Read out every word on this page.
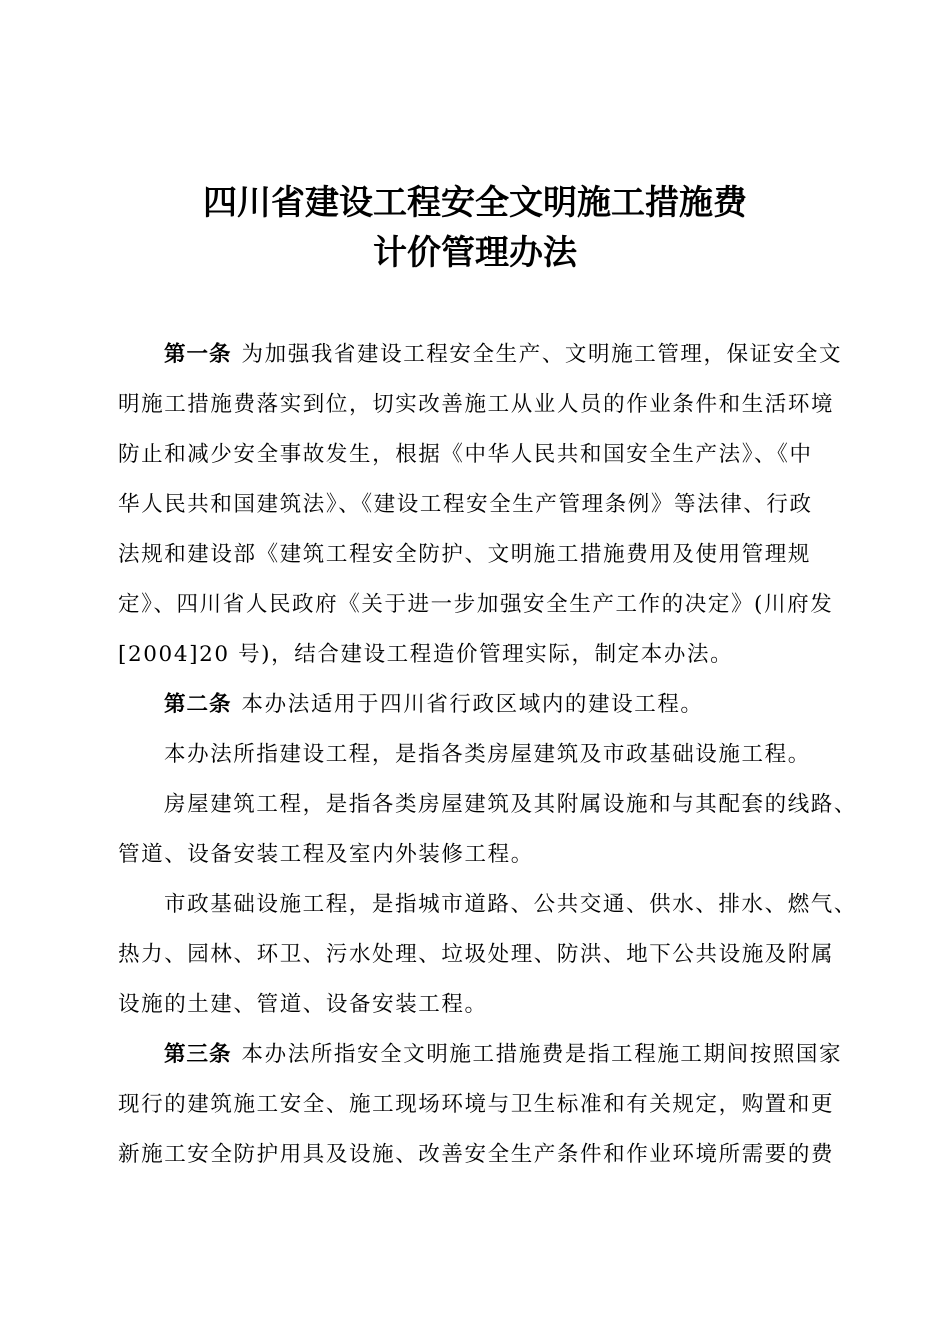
四川省建设工程安全文明施工措施费
计价管理办法
第一条 为加强我省建设工程安全生产、文明施工管理，保证安全文
明施工措施费落实到位，切实改善施工从业人员的作业条件和生活环境
防止和减少安全事故发生，根据《中华人民共和国安全生产法》、《中
华人民共和国建筑法》、《建设工程安全生产管理条例》等法律、行政
法规和建设部《建筑工程安全防护、文明施工措施费用及使用管理规
定》、四川省人民政府《关于进一步加强安全生产工作的决定》(川府发
[2004]20 号)，结合建设工程造价管理实际，制定本办法。
第二条 本办法适用于四川省行政区域内的建设工程。
本办法所指建设工程，是指各类房屋建筑及市政基础设施工程。
房屋建筑工程，是指各类房屋建筑及其附属设施和与其配套的线路、
管道、设备安装工程及室内外装修工程。
市政基础设施工程，是指城市道路、公共交通、供水、排水、燃气、
热力、园林、环卫、污水处理、垃圾处理、防洪、地下公共设施及附属
设施的土建、管道、设备安装工程。
第三条 本办法所指安全文明施工措施费是指工程施工期间按照国家
现行的建筑施工安全、施工现场环境与卫生标准和有关规定，购置和更
新施工安全防护用具及设施、改善安全生产条件和作业环境所需要的费
